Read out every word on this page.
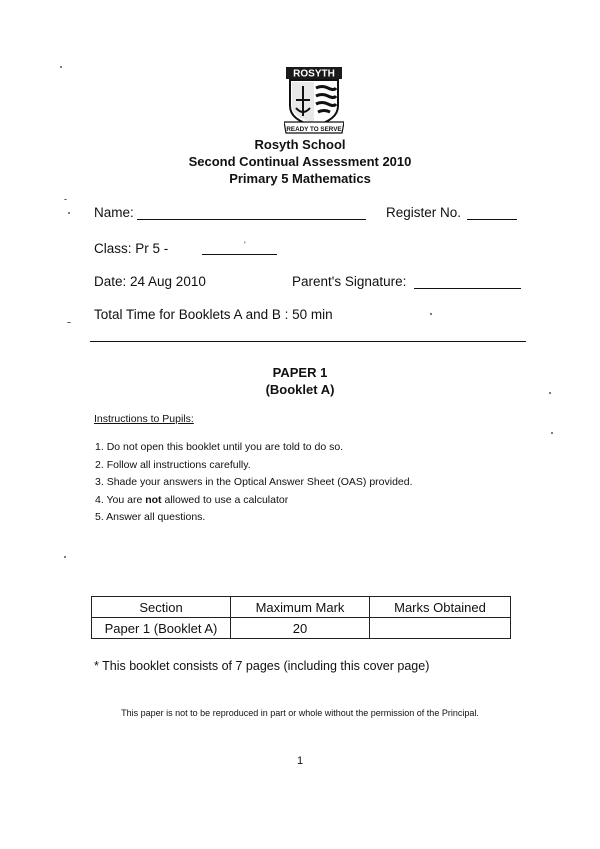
ROSYTH
READY TO SERVE
Rosyth School
Second Continual Assessment 2010
Primary 5 Mathematics
Name:	Register No.
Class: Pr 5 -	'
Date: 24 Aug 2010	Parent's Signature:
Total Time for Booklets A and B : 50 min
PAPER 1
(Booklet A)
Instructions to Pupils:
1. Do not open this booklet until you are told to do so.
2. Follow all instructions carefully.
3. Shade your answers in the Optical Answer Sheet (OAS) provided.
4. You are not allowed to use a calculator
5. Answer all questions.
Section	Maximum Mark	Marks Obtained
Paper 1 (Booklet A)	20	
* This booklet consists of 7 pages (including this cover page)
This paper is not to be reproduced in part or whole without the permission of the Principal.
1
